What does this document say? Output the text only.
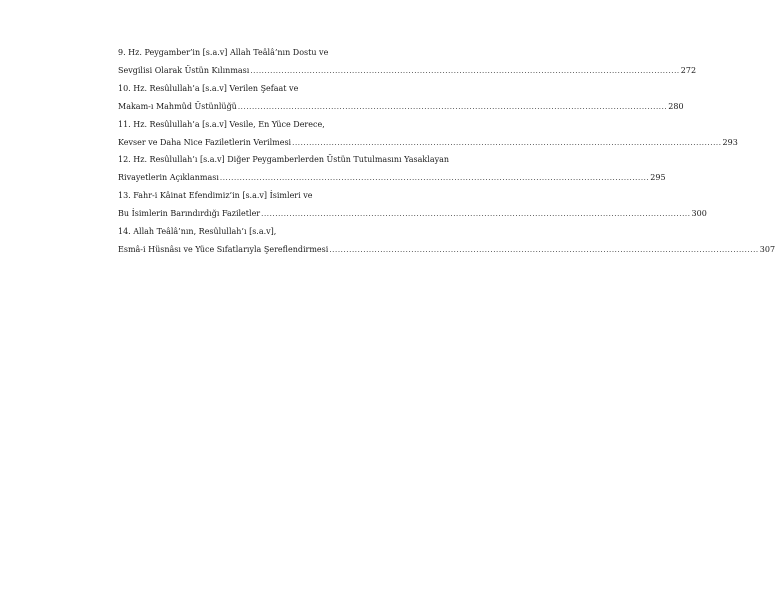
9. Hz. Peygamber’in [s.a.v] Allah Teâlâ’nın Dostu ve

Sevgilisi Olarak Üstün Kılınması ........................................................................................................................................................ 272

10. Hz. Resûlullah’a [s.a.v] Verilen Şefaat ve

Makam-ı Mahmûd Üstünlüğü ........................................................................................................................................................ 280

11. Hz. Resûlullah’a [s.a.v] Vesile, En Yüce Derece,

Kevser ve Daha Nice Faziletlerin Verilmesi ........................................................................................................................................................ 293

12. Hz. Resûlullah’ı [s.a.v] Diğer Peygamberlerden Üstün Tutulmasını Yasaklayan

Rivayetlerin Açıklanması ........................................................................................................................................................ 295

13. Fahr-i Kâinat Efendimiz’in [s.a.v] İsimleri ve

Bu İsimlerin Barındırdığı Faziletler ........................................................................................................................................................ 300

14. Allah Teâlâ’nın, Resûlullah’ı [s.a.v],

Esmâ-i Hüsnâsı ve Yüce Sıfatlarıyla Şereflendirmesi ........................................................................................................................................................ 307
